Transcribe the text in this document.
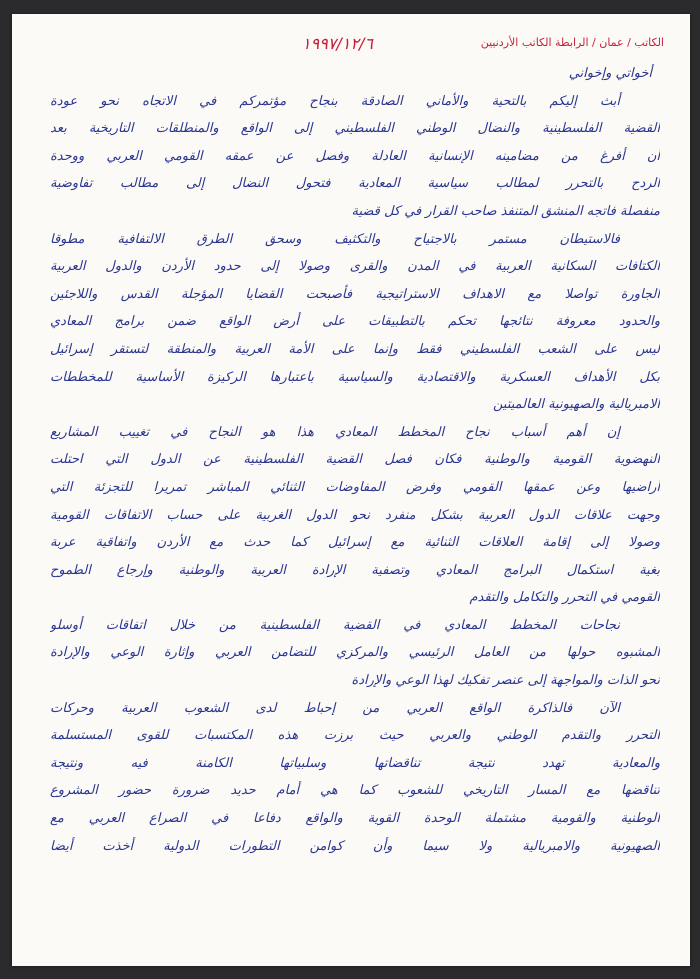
١٩٩٧/١٢/٦	الكاتب / عمان / الرابطة الكاتب الأردنيين
أخواتي وإخواني
أبث إليكم بالتحية والأماني الصادقة بنجاح مؤتمركم في الاتجاه نحو عودة
القضية الفلسطينية والنضال الوطني الفلسطيني إلى الواقع والمنطلقات التاريخية بعد
أن أفرغ من مضامينه الإنسانية العادلة وفصل عن عمقه القومي العربي ووحدة
الردح بالتحرر لمطالب سياسية المعادية فتحول النضال إلى مطالب تفاوضية
منفصلة فاتجه المنشق المتنفذ صاحب القرار في كل قضية
فالاستيطان مستمر بالاجتياح والتكثيف وسحق الطرق الالتفافية مطوقا
الكتافات السكانية العربية في المدن والقرى وصولا إلى حدود الأردن والدول العربية
الجاورة تواصلا مع الاهداف الاستراتيجية فأصبحت القضايا المؤجلة القدس واللاجئين
والحدود معروفة نتائجها تحكم بالتطبيقات على أرض الواقع ضمن برامج المعادي
ليس على الشعب الفلسطيني فقط وإنما على الأمة العربية والمنطقة لتستقر إسرائيل
بكل الأهداف العسكرية والاقتصادية والسياسية باعتبارها الركيزة الأساسية للمخططات
الامبريالية والصهيونية العالميتين
إن أهم أسباب نجاح المخطط المعادي هذا هو النجاح في تغييب المشاريع
النهضوية القومية والوطنية فكان فصل القضية الفلسطينية عن الدول التي احتلت
أراضيها وعن عمقها القومي وفرض المفاوضات الثنائي المباشر تمريرا للتجزئة التي
وجهت علاقات الدول العربية بشكل منفرد نحو الدول الغربية على حساب الاتفاقات القومية
وصولا إلى إقامة العلاقات الثنائية مع إسرائيل كما حدث مع الأردن واتفاقية عربة
بغية استكمال البرامج المعادي وتصفية الإرادة العربية والوطنية وإرجاع الطموح
القومي في التحرر والتكامل والتقدم
نجاحات المخطط المعادي في القضية الفلسطينية من خلال اتفاقات أوسلو
المشبوه حولها من العامل الرئيسي والمركزي للتضامن العربي وإثارة الوعي والإرادة
نحو الذات والمواجهة إلى عنصر تفكيك لهذا الوعي والإرادة
الآن فالذاكرة الواقع العربي من إحباط لدى الشعوب العربية وحركات
التحرر والتقدم الوطني والعربي حيث برزت هذه المكتسبات للقوى المستسلمة
والمعادية تهدد نتيجة تناقضاتها وسلبياتها الكامنة فيه ونتيجة
تناقضها مع المسار التاريخي للشعوب كما هي أمام حديد ضرورة حضور المشروع
الوطنية والقومية مشتملة الوحدة القوية والواقع دفاعا في الصراع العربي مع
الصهيونية والامبريالية ولا سيما وأن كوامن التطورات الدولية أخذت أيضا
